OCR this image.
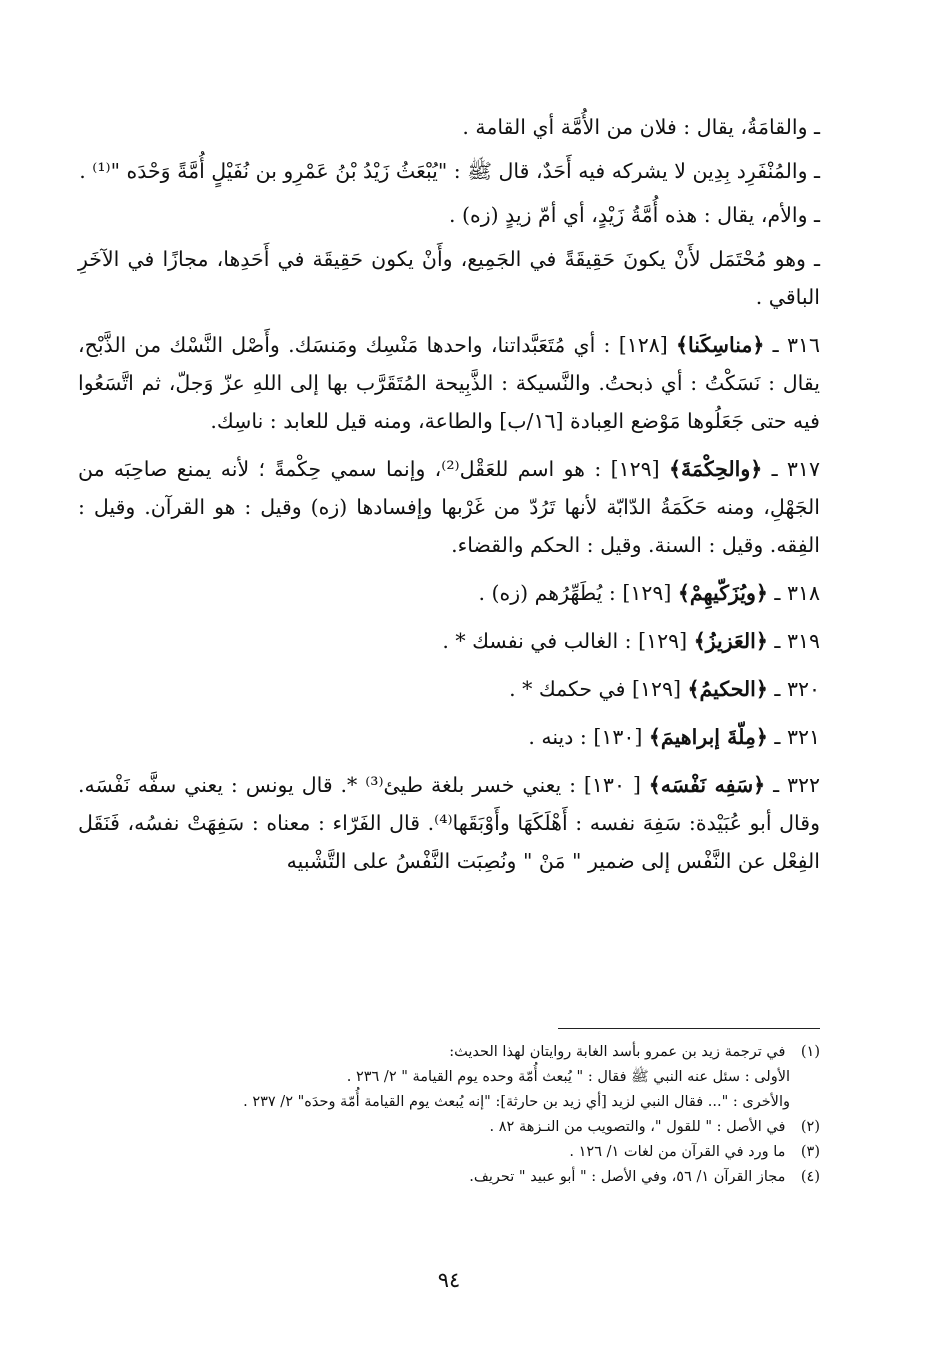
ـ والقامَةُ، يقال : فلان من الأُمَّة أي القامة .

ـ والمُنْفَرِد بِدِين لا يشركه فيه أَحَدٌ، قال ﷺ : "يُبْعَثُ زَيْدُ بْنُ عَمْرِو بن نُفَيْلٍ أُمَّةً وَحْدَه "⁽¹⁾ .

ـ والأم، يقال : هذه أُمَّةُ زَيْدٍ، أي أمّ زيدٍ (زه) .

ـ وهو مُحْتَمَل لأَنْ يكونَ حَقِيقَةً في الجَمِيع، وأَنْ يكون حَقِيقَة في أَحَدِها، مجازًا في الآخَرِ الباقي .

٣١٦ ـ ﴿مناسِكَنا﴾ [١٢٨] : أي مُتَعَبَّداتنا، واحدها مَنْسِك ومَنسَك. وأَصْل النَّسْك من الذَّبْح، يقال : نَسَكْتُ : أي ذبحتُ. والنَّسيكة : الذَّبِيحة المُتَقَرَّب بها إلى اللهِ عزّ وَجلّ، ثم اتَّسَعُوا فيه حتى جَعَلُوها مَوْضع العِبادة [١٦/ب] والطاعة، ومنه قيل للعابد : ناسِك.

٣١٧ ـ ﴿والحِكْمَةَ﴾ [١٢٩] : هو اسم للعَقْل⁽²⁾، وإنما سمي حِكْمةً ؛ لأنه يمنع صاحِبَه من الجَهْلِ، ومنه حَكَمَةُ الدّابّة لأنها تَرُدّ من غَرْبها وإفسادها (زه) وقيل : هو القرآن. وقيل : الفِقه. وقيل : السنة. وقيل : الحكم والقضاء.

٣١٨ ـ ﴿ويُزَكّيهِمْ﴾ [١٢٩] : يُطَهِّرُهم (زه) .

٣١٩ ـ ﴿العَزيزُ﴾ [١٢٩] : الغالب في نفسك * .

٣٢٠ ـ ﴿الحكيمُ﴾ [١٢٩] في حكمك * .

٣٢١ ـ ﴿مِلّةَ إبراهيمَ﴾ [١٣٠] : دينه .

٣٢٢ ـ ﴿سَفِه نَفْسَه﴾ [ ١٣٠] : يعني خسر بلغة طيئ⁽³⁾ *. قال يونس : يعني سفَّه نَفْسَه. وقال أبو عُبَيْدة: سَفِهَ نفسه : أَهْلَكَهَا وأَوْبَقَها⁽⁴⁾. قال الفَرّاء : معناه : سَفِهَتْ نفسُه، فَنَقَل الفِعْل عن النَّفْس إلى ضمير " مَنْ " ونُصِبَت النَّفْسُ على التَّشْبيه

(١) في ترجمة زيد بن عمرو بأسد الغابة روايتان لهذا الحديث:

الأولى : سئل عنه النبي ﷺ فقال : " يُبعث أُمّة وحده يوم القيامة " ٢/ ٢٣٦ .

والأخرى : "... فقال النبي لزيد [أي زيد بن حارثة]: "إنه يُبعث يوم القيامة أُمّة وحدَه" ٢/ ٢٣٧ .

(٢) في الأصل : " للقول "، والتصويب من النـزهة ٨٢ .

(٣) ما ورد في القرآن من لغات ١/ ١٢٦ .

(٤) مجاز القرآن ١/ ٥٦، وفي الأصل : " أبو عبيد " تحريف.

٩٤
